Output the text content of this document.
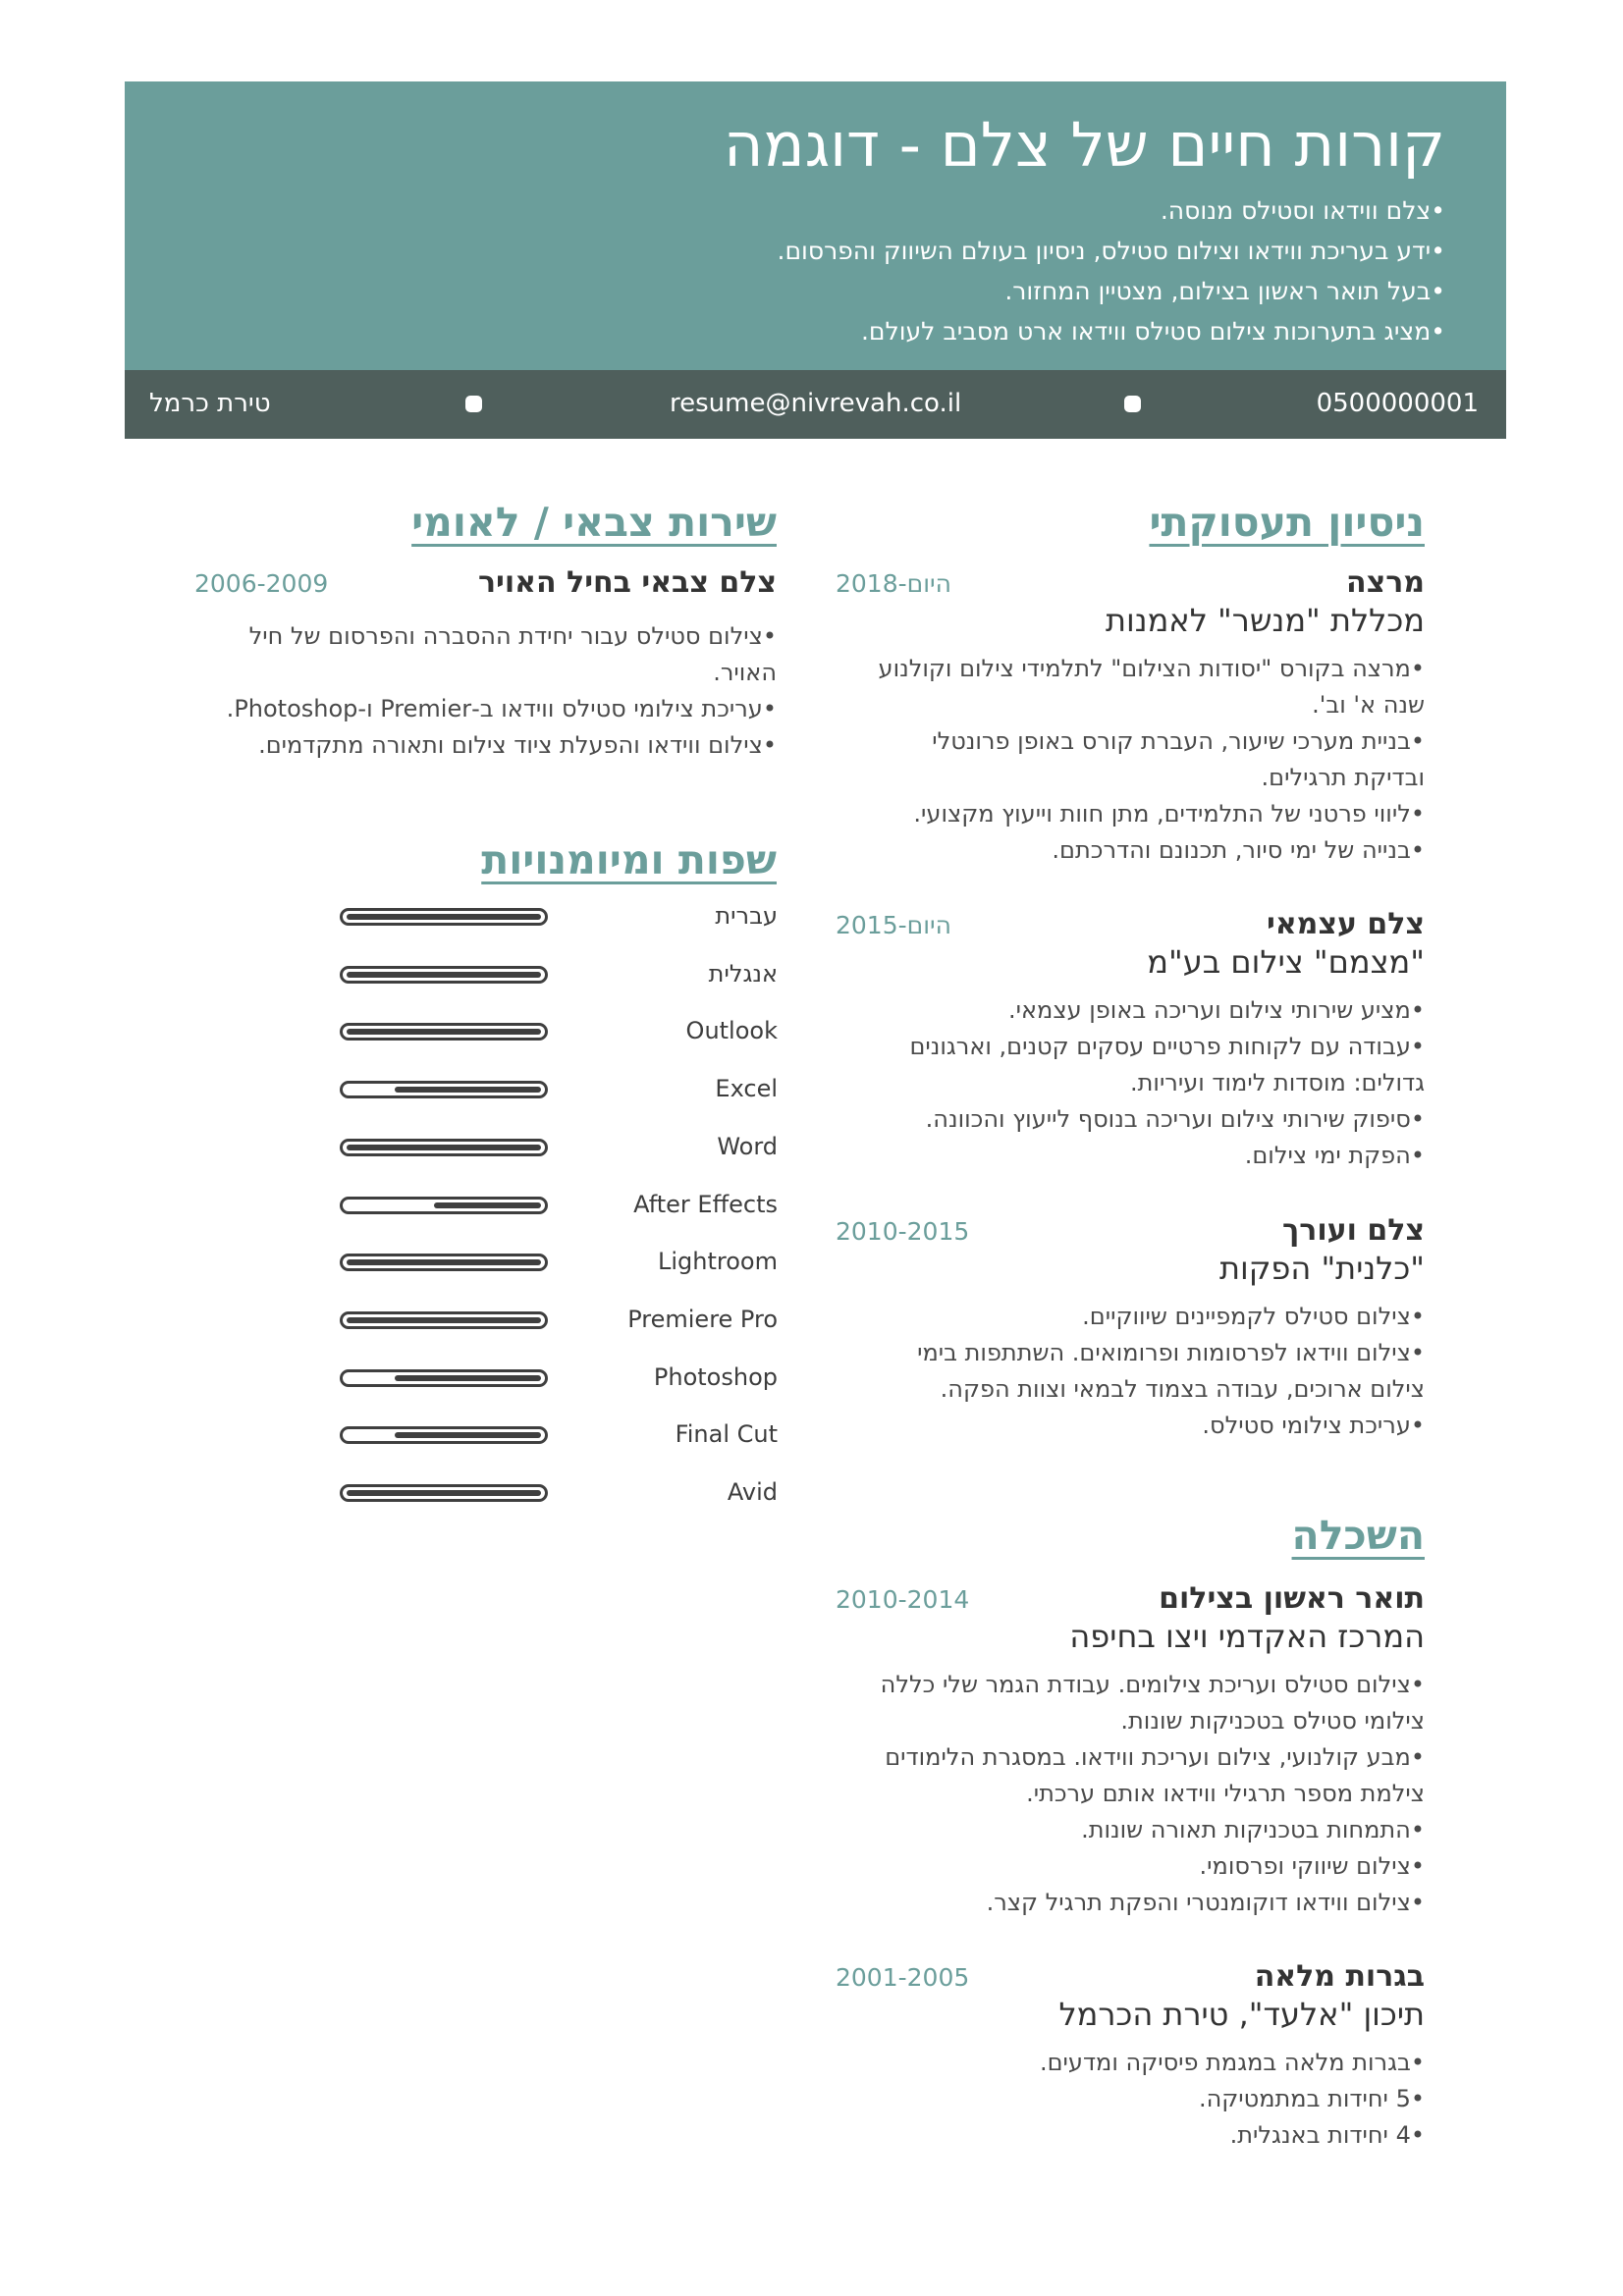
קורות חיים של צלם - דוגמה
• צלם ווידאו וסטילס מנוסה.
• ידע בעריכת ווידאו וצילום סטילס, ניסיון בעולם השיווק והפרסום.
• בעל תואר ראשון בצילום, מצטיין המחזור.
• מציג בתערוכות צילום סטילס ווידאו ארט מסביב לעולם.
0500000001
resume@nivrevah.co.il
טירת כרמל
ניסיון תעסוקתי
מרצה
2018-היום
מכללת "מנשר" לאמנות
• מרצה בקורס "יסודות הצילום" לתלמידי צילום וקולנוע שנה א' וב'.
• בניית מערכי שיעור, העברת קורס באופן פרונטלי ובדיקת תרגילים.
• ליווי פרטני של התלמידים, מתן חוות וייעוץ מקצועי.
• בנייה של ימי סיור, תכנונם והדרכתם.
צלם עצמאי
2015-היום
"מצמם" צילום בע"מ
• מציע שירותי צילום ועריכה באופן עצמאי.
• עבודה עם לקוחות פרטיים עסקים קטנים, וארגונים גדולים: מוסדות לימוד ועיריות.
• סיפוק שירותי צילום ועריכה בנוסף לייעוץ והכוונה.
• הפקת ימי צילום.
צלם ועורך
2010-2015
"כלנית" הפקות
• צילום סטילס לקמפיינים שיווקיים.
• צילום ווידאו לפרסומות ופרומואים. השתתפות בימי צילום ארוכים, עבודה בצמוד לבמאי וצוות הפקה.
• עריכת צילומי סטילס.
השכלה
תואר ראשון בצילום
2010-2014
המרכז האקדמי ויצו בחיפה
• צילום סטילס ועריכת צילומים. עבודת הגמר שלי כללה צילומי סטילס בטכניקות שונות.
• מבע קולנועי, צילום ועריכת ווידאו. במסגרת הלימודים צילמת מספר תרגילי ווידאו אותם ערכתי.
• התמחות בטכניקות תאורה שונות.
• צילום שיווקי ופרסומי.
• צילום ווידאו דוקומנטרי והפקת תרגיל קצר.
בגרות מלאה
2001-2005
תיכון "אלעד", טירת הכרמל
• בגרות מלאה במגמת פיסיקה ומדעים.
• 5 יחידות במתמטיקה.
• 4 יחידות באנגלית.
שירות צבאי / לאומי
צלם צבאי בחיל האויר
2006-2009
• צילום סטילס עבור יחידת ההסברה והפרסום של חיל האויר.
• עריכת צילומי סטילס ווידאו ב-Premier ו-Photoshop.
• צילום ווידאו והפעלת ציוד צילום ותאורה מתקדמים.
שפות ומיומנויות
עברית
אנגלית
Outlook
Excel
Word
After Effects
Lightroom
Premiere Pro
Photoshop
Final Cut
Avid
